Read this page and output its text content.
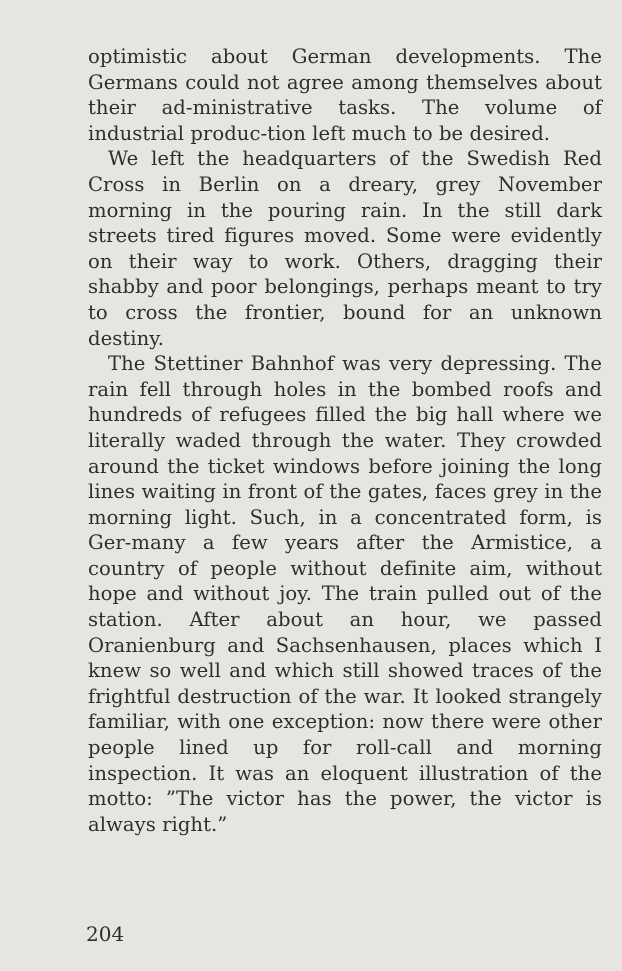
optimistic about German developments. The Germans could not agree among themselves about their ad-ministrative tasks. The volume of industrial produc-tion left much to be desired.

We left the headquarters of the Swedish Red Cross in Berlin on a dreary, grey November morning in the pouring rain. In the still dark streets tired figures moved. Some were evidently on their way to work. Others, dragging their shabby and poor belongings, perhaps meant to try to cross the frontier, bound for an unknown destiny.

The Stettiner Bahnhof was very depressing. The rain fell through holes in the bombed roofs and hundreds of refugees filled the big hall where we literally waded through the water. They crowded around the ticket windows before joining the long lines waiting in front of the gates, faces grey in the morning light. Such, in a concentrated form, is Ger-many a few years after the Armistice, a country of people without definite aim, without hope and without joy. The train pulled out of the station. After about an hour, we passed Oranienburg and Sachsenhausen, places which I knew so well and which still showed traces of the frightful destruction of the war. It looked strangely familiar, with one exception: now there were other people lined up for roll-call and morning inspection. It was an eloquent illustration of the motto: ”The victor has the power, the victor is always right.”

204
